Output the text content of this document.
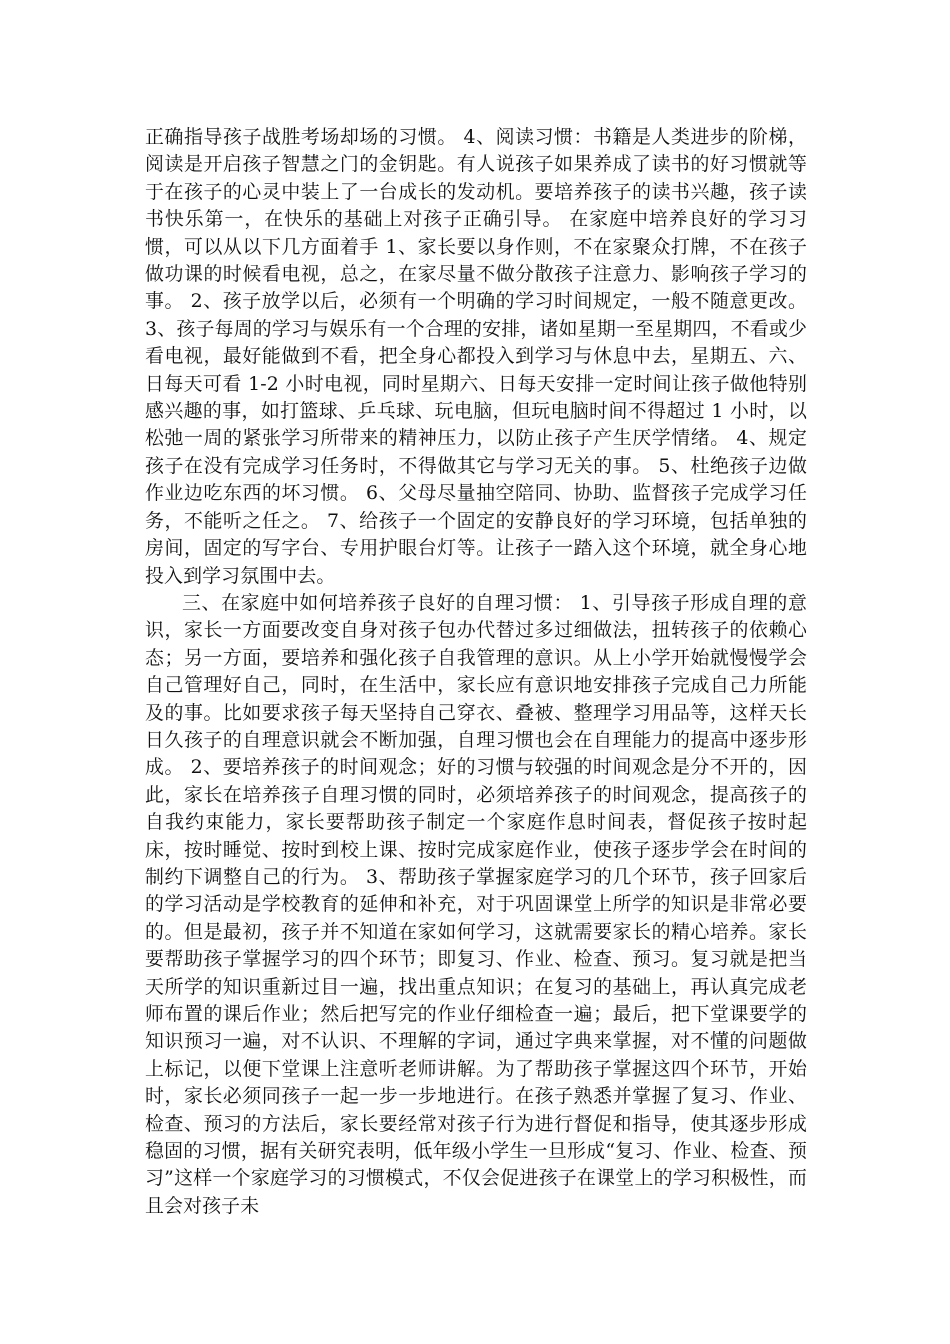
正确指导孩子战胜考场却场的习惯。 4、阅读习惯：书籍是人类进步的阶梯，阅读是开启孩子智慧之门的金钥匙。有人说孩子如果养成了读书的好习惯就等于在孩子的心灵中装上了一台成长的发动机。要培养孩子的读书兴趣，孩子读书快乐第一，在快乐的基础上对孩子正确引导。 在家庭中培养良好的学习习惯，可以从以下几方面着手 1、家长要以身作则，不在家聚众打牌，不在孩子做功课的时候看电视，总之，在家尽量不做分散孩子注意力、影响孩子学习的事。 2、孩子放学以后，必须有一个明确的学习时间规定，一般不随意更改。 3、孩子每周的学习与娱乐有一个合理的安排，诸如星期一至星期四，不看或少看电视，最好能做到不看，把全身心都投入到学习与休息中去，星期五、六、日每天可看 1-2 小时电视，同时星期六、日每天安排一定时间让孩子做他特别感兴趣的事，如打篮球、乒乓球、玩电脑，但玩电脑时间不得超过 1 小时，以松弛一周的紧张学习所带来的精神压力，以防止孩子产生厌学情绪。 4、规定孩子在没有完成学习任务时，不得做其它与学习无关的事。 5、杜绝孩子边做作业边吃东西的坏习惯。 6、父母尽量抽空陪同、协助、监督孩子完成学习任务，不能听之任之。 7、给孩子一个固定的安静良好的学习环境，包括单独的房间，固定的写字台、专用护眼台灯等。让孩子一踏入这个环境，就全身心地投入到学习氛围中去。

三、在家庭中如何培养孩子良好的自理习惯： 1、引导孩子形成自理的意识，家长一方面要改变自身对孩子包办代替过多过细做法，扭转孩子的依赖心态；另一方面，要培养和强化孩子自我管理的意识。从上小学开始就慢慢学会自己管理好自己，同时，在生活中，家长应有意识地安排孩子完成自己力所能及的事。比如要求孩子每天坚持自己穿衣、叠被、整理学习用品等，这样天长日久孩子的自理意识就会不断加强，自理习惯也会在自理能力的提高中逐步形成。 2、要培养孩子的时间观念；好的习惯与较强的时间观念是分不开的，因此，家长在培养孩子自理习惯的同时，必须培养孩子的时间观念，提高孩子的自我约束能力，家长要帮助孩子制定一个家庭作息时间表，督促孩子按时起床，按时睡觉、按时到校上课、按时完成家庭作业，使孩子逐步学会在时间的制约下调整自己的行为。 3、帮助孩子掌握家庭学习的几个环节，孩子回家后的学习活动是学校教育的延伸和补充，对于巩固课堂上所学的知识是非常必要的。但是最初，孩子并不知道在家如何学习，这就需要家长的精心培养。家长要帮助孩子掌握学习的四个环节；即复习、作业、检查、预习。复习就是把当天所学的知识重新过目一遍，找出重点知识；在复习的基础上，再认真完成老师布置的课后作业；然后把写完的作业仔细检查一遍；最后，把下堂课要学的知识预习一遍，对不认识、不理解的字词，通过字典来掌握，对不懂的问题做上标记，以便下堂课上注意听老师讲解。为了帮助孩子掌握这四个环节，开始时，家长必须同孩子一起一步一步地进行。在孩子熟悉并掌握了复习、作业、检查、预习的方法后，家长要经常对孩子行为进行督促和指导，使其逐步形成稳固的习惯，据有关研究表明，低年级小学生一旦形成“复习、作业、检查、预习”这样一个家庭学习的习惯模式，不仅会促进孩子在课堂上的学习积极性，而且会对孩子未
